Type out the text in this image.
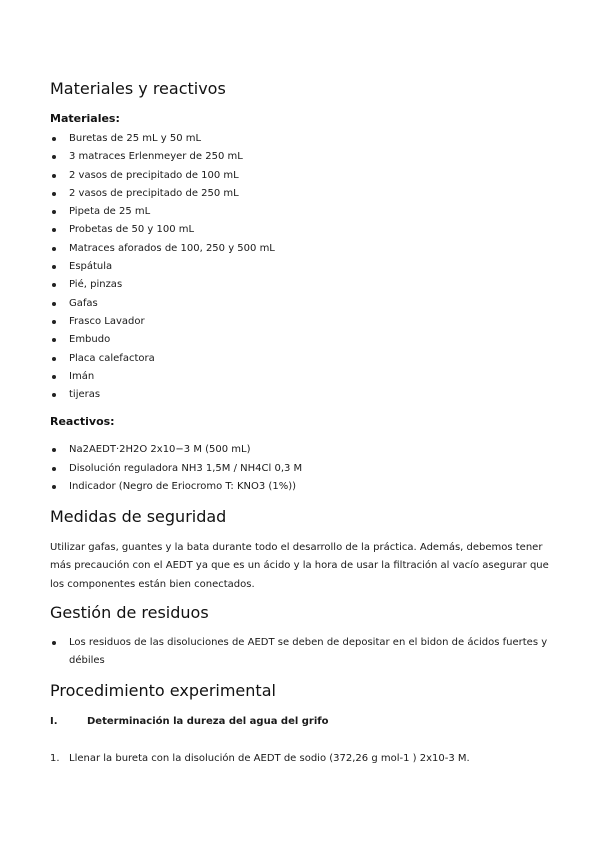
Materiales y reactivos
Materiales:
Buretas de 25 mL y 50 mL
3 matraces Erlenmeyer de 250 mL
2 vasos de precipitado de 100 mL
2 vasos de precipitado de 250 mL
Pipeta de 25 mL
Probetas de 50 y 100 mL
Matraces aforados de 100, 250 y 500 mL
Espátula
Pié, pinzas
Gafas
Frasco Lavador
Embudo
Placa calefactora
Imán
tijeras
Reactivos:
Na2AEDT·2H2O 2x10−3 M (500 mL)
Disolución reguladora NH3 1,5M / NH4Cl 0,3 M
Indicador (Negro de Eriocromo T: KNO3 (1%))
Medidas de seguridad

Utilizar gafas, guantes y la bata durante todo el desarrollo de la práctica. Además, debemos tener más precaución con el AEDT ya que es un ácido y la hora de usar la filtración al vacío asegurar que los componentes están bien conectados.

Gestión de residuos
Los residuos de las disoluciones de AEDT se deben de depositar en el bidon de ácidos fuertes y débiles
Procedimiento experimental
I.	Determinación la dureza del agua del grifo
1. Llenar la bureta con la disolución de AEDT de sodio (372,26 g mol-1 ) 2x10-3 M.
